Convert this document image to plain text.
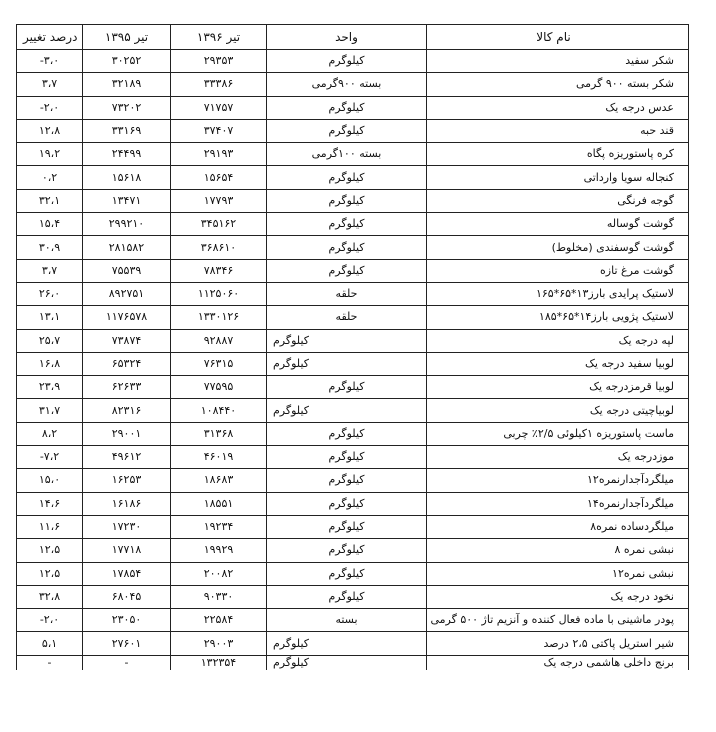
درصد تغییر	تیر ۱۳۹۵	تیر ۱۳۹۶	واحد	نام کالا
-۳،۰	۳۰۲۵۲	۲۹۳۵۳	کیلوگرم	شکر سفید
۳،۷	۳۲۱۸۹	۳۳۳۸۶	بسته ۹۰۰گرمی	شکر بسته ۹۰۰ گرمی
-۲،۰	۷۳۲۰۲	۷۱۷۵۷	کیلوگرم	عدس درجه یک
۱۲،۸	۳۳۱۶۹	۳۷۴۰۷	کیلوگرم	قند حبه
۱۹،۲	۲۴۴۹۹	۲۹۱۹۳	بسته ۱۰۰گرمی	کره پاستوریزه پگاه
۰،۲	۱۵۶۱۸	۱۵۶۵۴	کیلوگرم	کنجاله سویا وارداتی
۳۲،۱	۱۳۴۷۱	۱۷۷۹۳	کیلوگرم	گوجه فرنگی
۱۵،۴	۲۹۹۲۱۰	۳۴۵۱۶۲	کیلوگرم	گوشت گوساله
۳۰،۹	۲۸۱۵۸۲	۳۶۸۶۱۰	کیلوگرم	گوشت گوسفندی (مخلوط)
۳،۷	۷۵۵۳۹	۷۸۳۴۶	کیلوگرم	گوشت مرغ تازه
۲۶،۰	۸۹۲۷۵۱	۱۱۲۵۰۶۰	حلقه	لاستیک پرایدی بارز۱۳*۶۵*۱۶۵
۱۳،۱	۱۱۷۶۵۷۸	۱۳۳۰۱۲۶	حلقه	لاستیک پژویی بارز۱۴*۶۵*۱۸۵
۲۵،۷	۷۳۸۷۴	۹۲۸۸۷	کیلوگرم	لپه درجه یک
۱۶،۸	۶۵۳۲۴	۷۶۳۱۵	کیلوگرم	لوبیا سفید درجه یک
۲۳،۹	۶۲۶۳۳	۷۷۵۹۵	کیلوگرم	لوبیا قرمزدرجه یک
۳۱،۷	۸۲۳۱۶	۱۰۸۴۴۰	کیلوگرم	لوبیاچیتی درجه یک
۸،۲	۲۹۰۰۱	۳۱۳۶۸	کیلوگرم	ماست پاستوریزه ۱کیلوئی ۲/۵٪ چربی
-۷،۲	۴۹۶۱۲	۴۶۰۱۹	کیلوگرم	موزدرجه یک
۱۵،۰	۱۶۲۵۳	۱۸۶۸۳	کیلوگرم	میلگردآجدارنمره۱۲
۱۴،۶	۱۶۱۸۶	۱۸۵۵۱	کیلوگرم	میلگردآجدارنمره۱۴
۱۱،۶	۱۷۲۳۰	۱۹۲۳۴	کیلوگرم	میلگردساده نمره۸
۱۲،۵	۱۷۷۱۸	۱۹۹۲۹	کیلوگرم	نبشی نمره ۸
۱۲،۵	۱۷۸۵۴	۲۰۰۸۲	کیلوگرم	نبشی نمره۱۲
۳۲،۸	۶۸۰۴۵	۹۰۳۳۰	کیلوگرم	نخود درجه یک
-۲،۰	۲۳۰۵۰	۲۲۵۸۴	بسته	پودر ماشینی با ماده فعال کننده و آنزیم تاژ ۵۰۰ گرمی
۵،۱	۲۷۶۰۱	۲۹۰۰۳	کیلوگرم	شیر استریل پاکتی ۲،۵ درصد
-	-	۱۳۲۳۵۴	کیلوگرم	برنج داخلی هاشمی درجه یک
